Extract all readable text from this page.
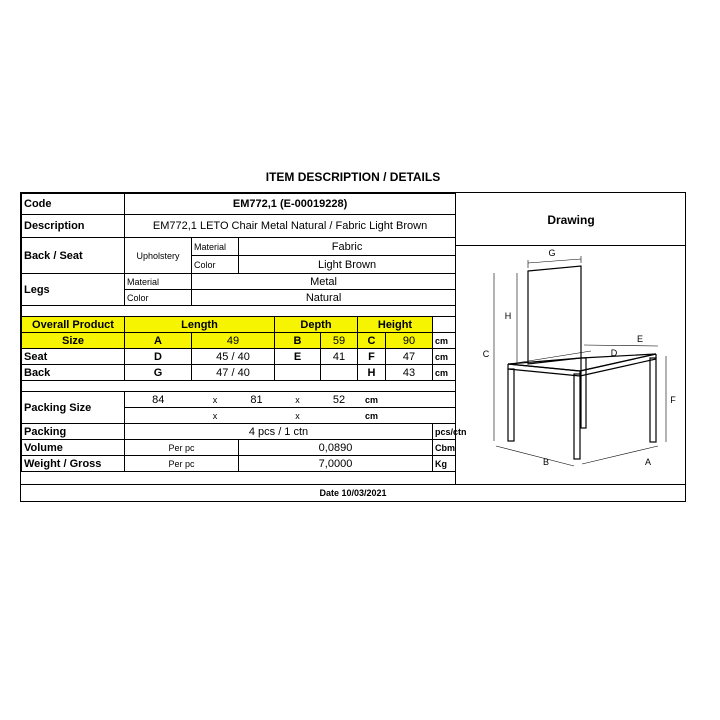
ITEM DESCRIPTION / DETAILS
Code	EM772,1 (E-00019228)							
Description	EM772,1 LETO Chair Metal Natural / Fabric Light Brown							
Back / Seat	Upholstery	Material	Fabric					
		Color	Light Brown					
Legs	Material	Metal						
	Color	Natural						

Overall Product	Length			Depth		Height		
Size	A	49		B	59	C	90	cm
Seat	D	45 / 40		E	41	F	47	cm
Back	G	47 / 40				H	43	cm

Packing Size	84	x	81	x	52	cm		
		x		x		cm		
Packing	4 pcs / 1 ctn							pcs/ctn
Volume	Per pc		0,0890					Cbm
Weight / Gross	Per pc		7,0000					Kg
Drawing
G
H
C
E
D
F
B	A
Date 10/03/2021
